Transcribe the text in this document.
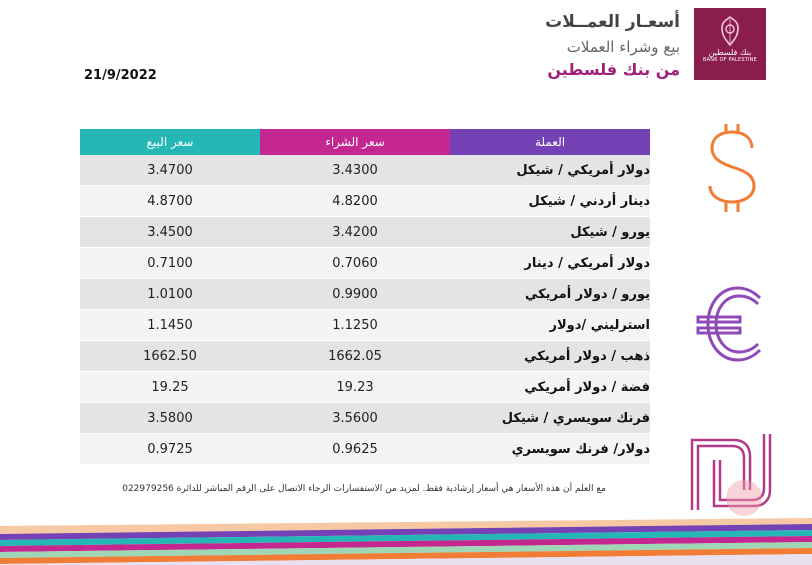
بنك فلسطين
BANK OF PALESTINE
أسعـار العمــلات
بيع وشراء العملات
من بنك فلسطين
21/9/2022
سعر البيع	سعر الشراء	العملة
3.4700	3.4300	دولار أمريكي / شيكل
4.8700	4.8200	دينار أردني / شيكل
3.4500	3.4200	يورو / شيكل
0.7100	0.7060	دولار أمريكي / دينار
1.0100	0.9900	يورو / دولار أمريكي
1.1450	1.1250	استرليني /دولار
1662.50	1662.05	ذهب / دولار أمريكي
19.25	19.23	فضة / دولار أمريكي
3.5800	3.5600	فرنك سويسري / شيكل
0.9725	0.9625	دولار/ فرنك سويسري
مع العلم أن هذه الأسعار هي أسعار إرشادية فقط. لمزيد من الاستفسارات الرجاء الاتصال على الرقم المباشر للدائرة 022979256
